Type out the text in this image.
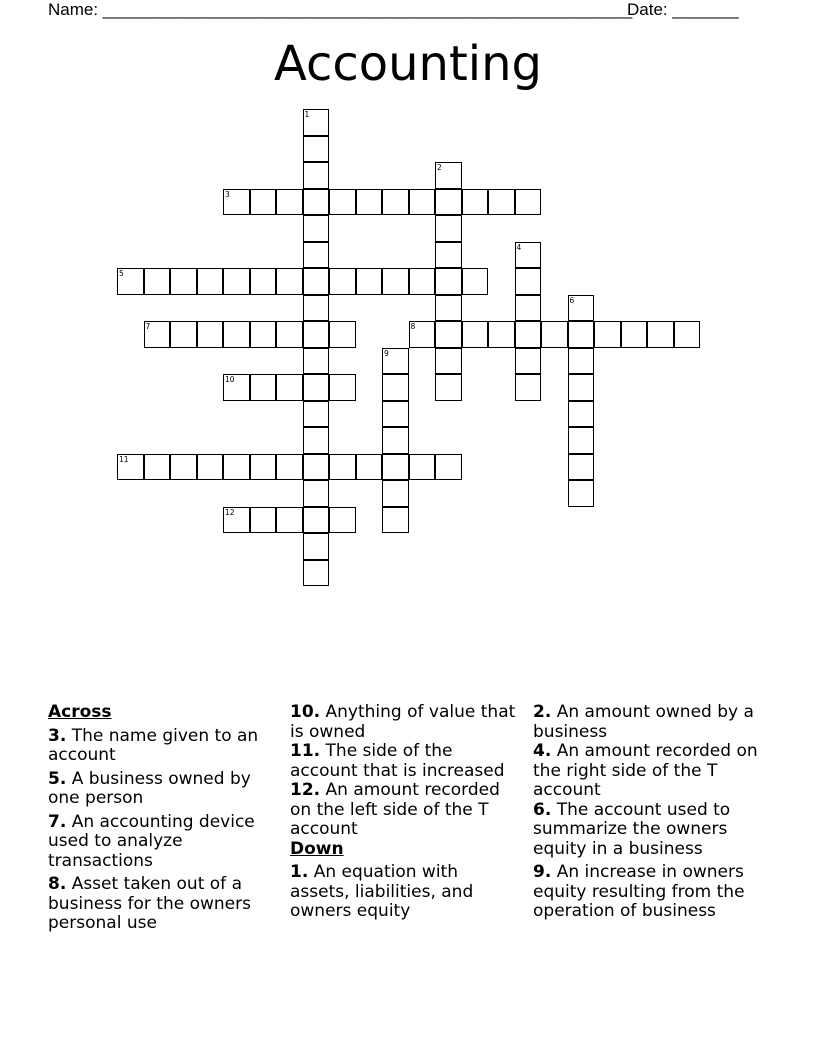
Name: ________________________________________________________
Date: _______
Accounting
1
2
3
4
5
6
7	8
9
10
11
12
Across
3. The name given to an account
5. A business owned by one person
7. An accounting device used to analyze transactions
8. Asset taken out of a business for the owners personal use
10. Anything of value that is owned
11. The side of the account that is increased
12. An amount recorded on the left side of the T account
Down
1. An equation with assets, liabilities, and owners equity
2. An amount owned by a business
4. An amount recorded on the right side of the T account
6. The account used to summarize the owners equity in a business
9. An increase in owners equity resulting from the operation of business
